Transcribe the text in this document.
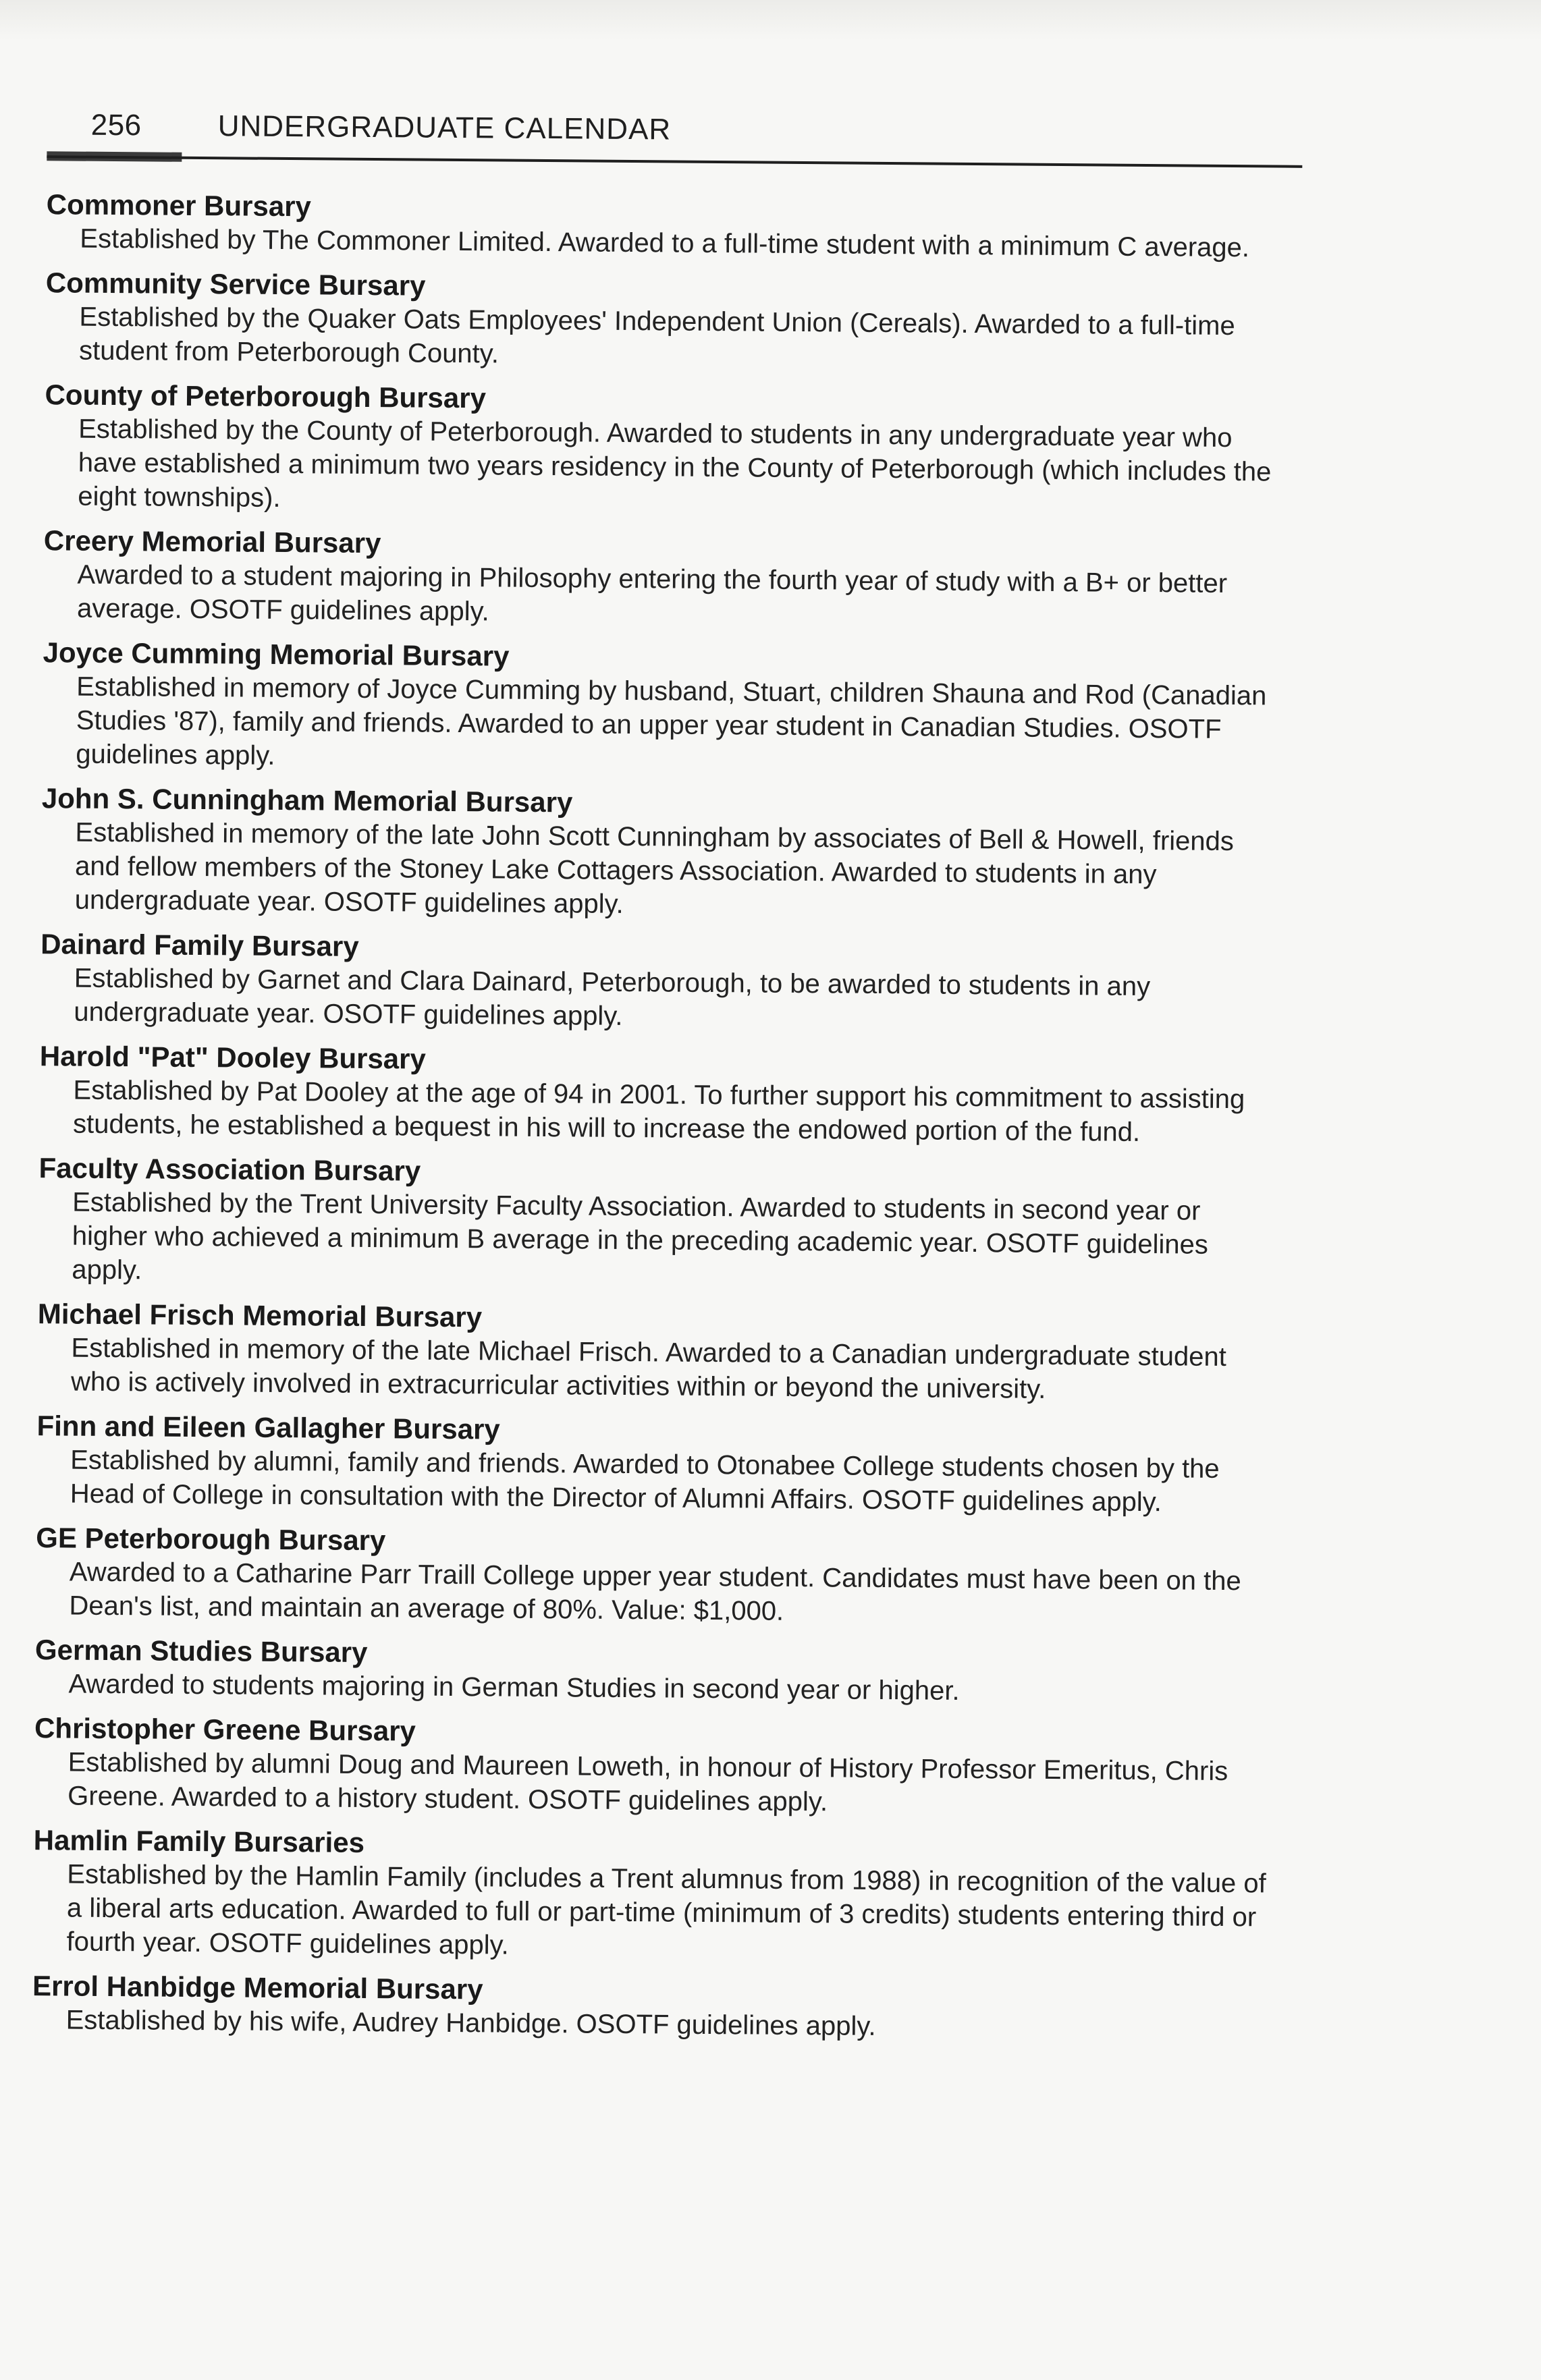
256	UNDERGRADUATE CALENDAR
Commoner Bursary
Established by The Commoner Limited. Awarded to a full-time student with a minimum C average.
Community Service Bursary
Established by the Quaker Oats Employees' Independent Union (Cereals). Awarded to a full-time student from Peterborough County.
County of Peterborough Bursary
Established by the County of Peterborough. Awarded to students in any undergraduate year who have established a minimum two years residency in the County of Peterborough (which includes the eight townships).
Creery Memorial Bursary
Awarded to a student majoring in Philosophy entering the fourth year of study with a B+ or better average. OSOTF guidelines apply.
Joyce Cumming Memorial Bursary
Established in memory of Joyce Cumming by husband, Stuart, children Shauna and Rod (Canadian Studies '87), family and friends. Awarded to an upper year student in Canadian Studies. OSOTF guidelines apply.
John S. Cunningham Memorial Bursary
Established in memory of the late John Scott Cunningham by associates of Bell & Howell, friends and fellow members of the Stoney Lake Cottagers Association. Awarded to students in any undergraduate year. OSOTF guidelines apply.
Dainard Family Bursary
Established by Garnet and Clara Dainard, Peterborough, to be awarded to students in any undergraduate year. OSOTF guidelines apply.
Harold "Pat" Dooley Bursary
Established by Pat Dooley at the age of 94 in 2001. To further support his commitment to assisting students, he established a bequest in his will to increase the endowed portion of the fund.
Faculty Association Bursary
Established by the Trent University Faculty Association. Awarded to students in second year or higher who achieved a minimum B average in the preceding academic year. OSOTF guidelines apply.
Michael Frisch Memorial Bursary
Established in memory of the late Michael Frisch. Awarded to a Canadian undergraduate student who is actively involved in extracurricular activities within or beyond the university.
Finn and Eileen Gallagher Bursary
Established by alumni, family and friends. Awarded to Otonabee College students chosen by the Head of College in consultation with the Director of Alumni Affairs. OSOTF guidelines apply.
GE Peterborough Bursary
Awarded to a Catharine Parr Traill College upper year student. Candidates must have been on the Dean's list, and maintain an average of 80%. Value: $1,000.
German Studies Bursary
Awarded to students majoring in German Studies in second year or higher.
Christopher Greene Bursary
Established by alumni Doug and Maureen Loweth, in honour of History Professor Emeritus, Chris Greene. Awarded to a history student. OSOTF guidelines apply.
Hamlin Family Bursaries
Established by the Hamlin Family (includes a Trent alumnus from 1988) in recognition of the value of a liberal arts education. Awarded to full or part-time (minimum of 3 credits) students entering third or fourth year. OSOTF guidelines apply.
Errol Hanbidge Memorial Bursary
Established by his wife, Audrey Hanbidge. OSOTF guidelines apply.
